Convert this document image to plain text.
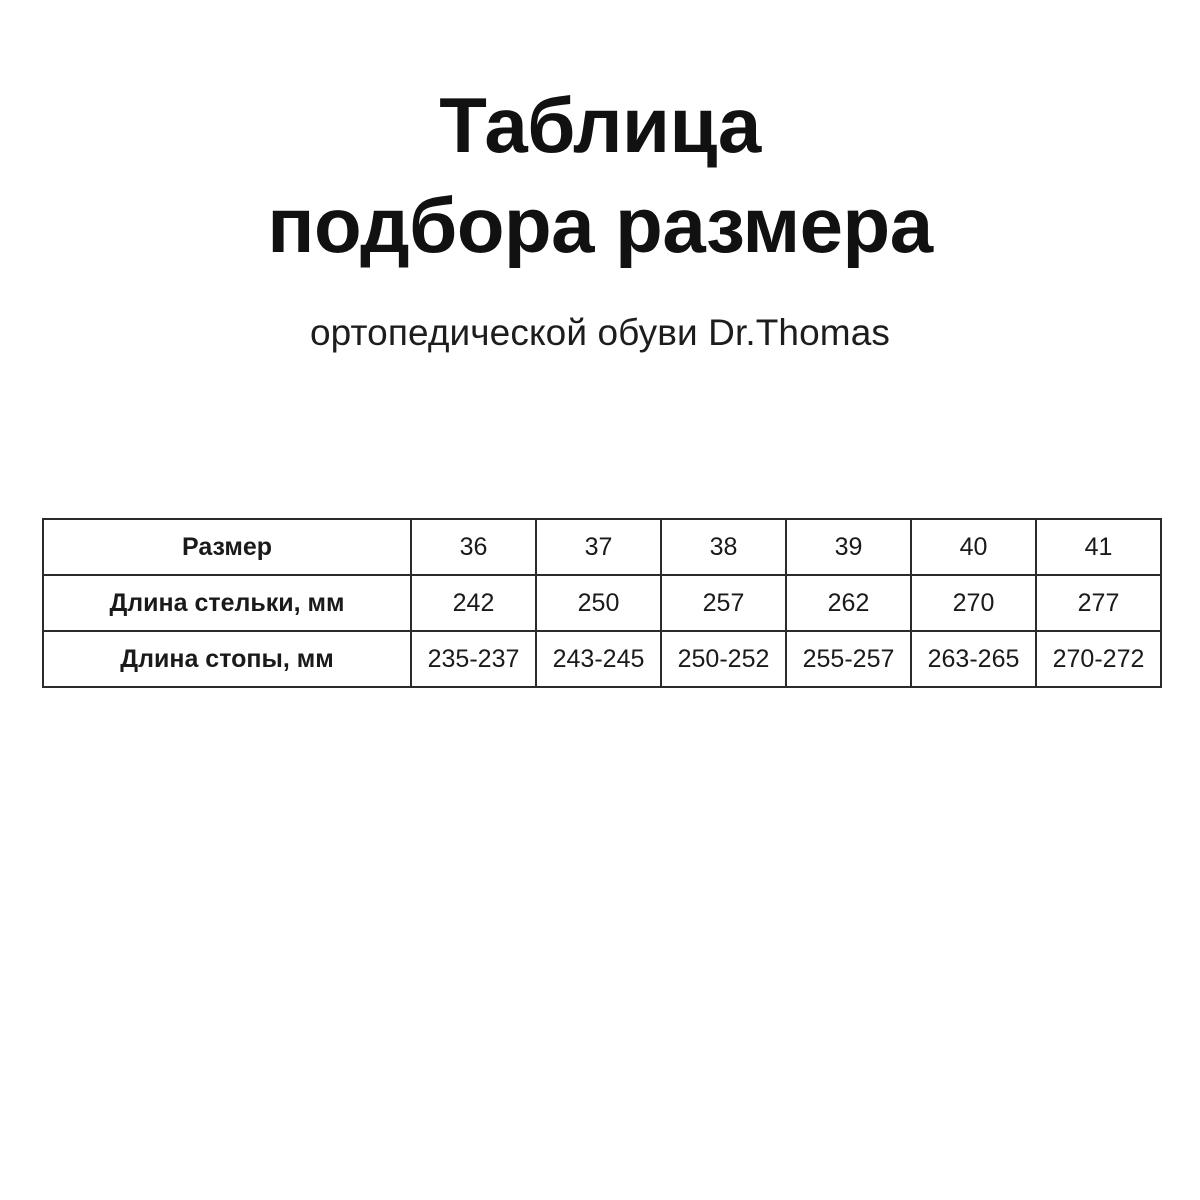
Таблица
подбора размера
ортопедической обуви Dr.Thomas
Размер	36	37	38	39	40	41
Длина стельки, мм	242	250	257	262	270	277
Длина стопы, мм	235-237	243-245	250-252	255-257	263-265	270-272
